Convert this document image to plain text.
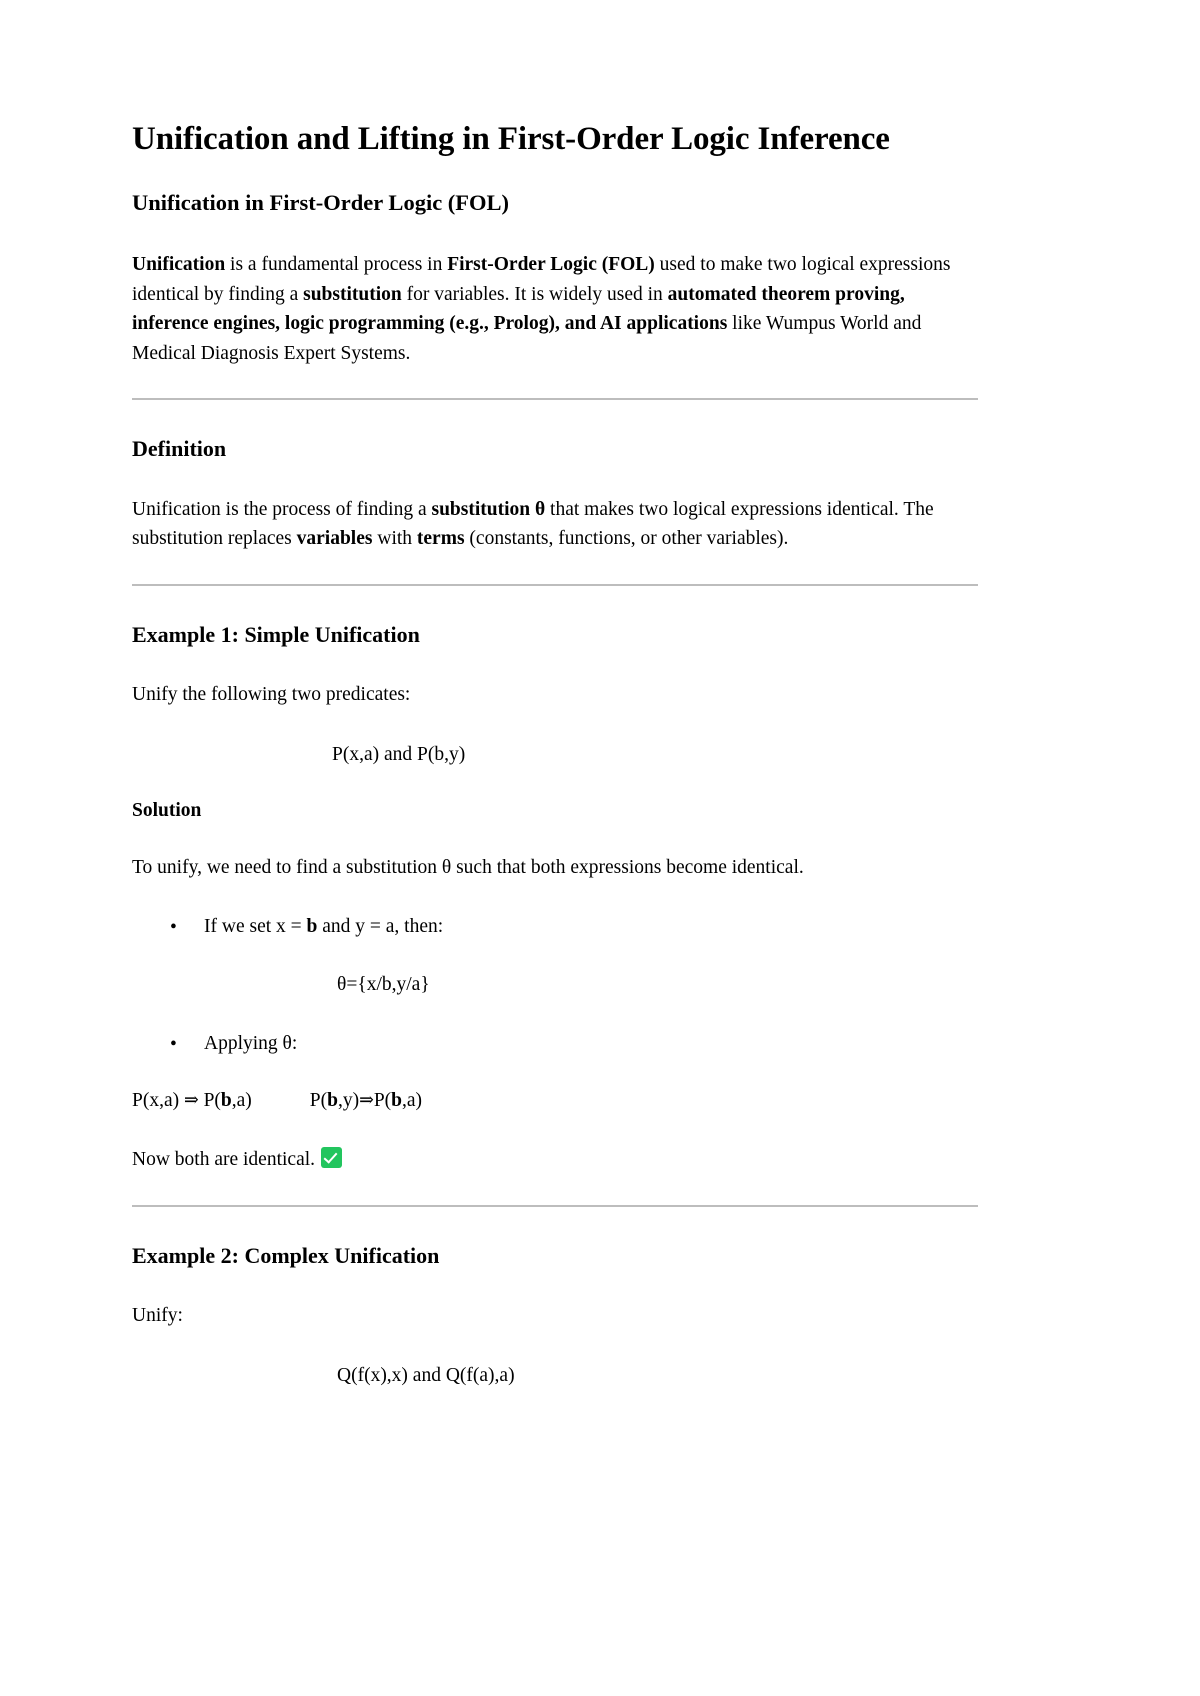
Unification and Lifting in First-Order Logic Inference
Unification in First-Order Logic (FOL)

Unification is a fundamental process in First-Order Logic (FOL) used to make two logical expressions identical by finding a substitution for variables. It is widely used in automated theorem proving, inference engines, logic programming (e.g., Prolog), and AI applications like Wumpus World and Medical Diagnosis Expert Systems.

Definition

Unification is the process of finding a substitution θ that makes two logical expressions identical. The substitution replaces variables with terms (constants, functions, or other variables).

Example 1: Simple Unification

Unify the following two predicates:

P(x,a) and P(b,y)

Solution

To unify, we need to find a substitution θ such that both expressions become identical.

• If we set x = b and y = a, then:

θ={x/b,y/a}

• Applying θ:

P(x,a) ⇒ P(b,a)	P(b,y)⇒P(b,a)

Now both are identical.

Example 2: Complex Unification

Unify:

Q(f(x),x) and Q(f(a),a)
